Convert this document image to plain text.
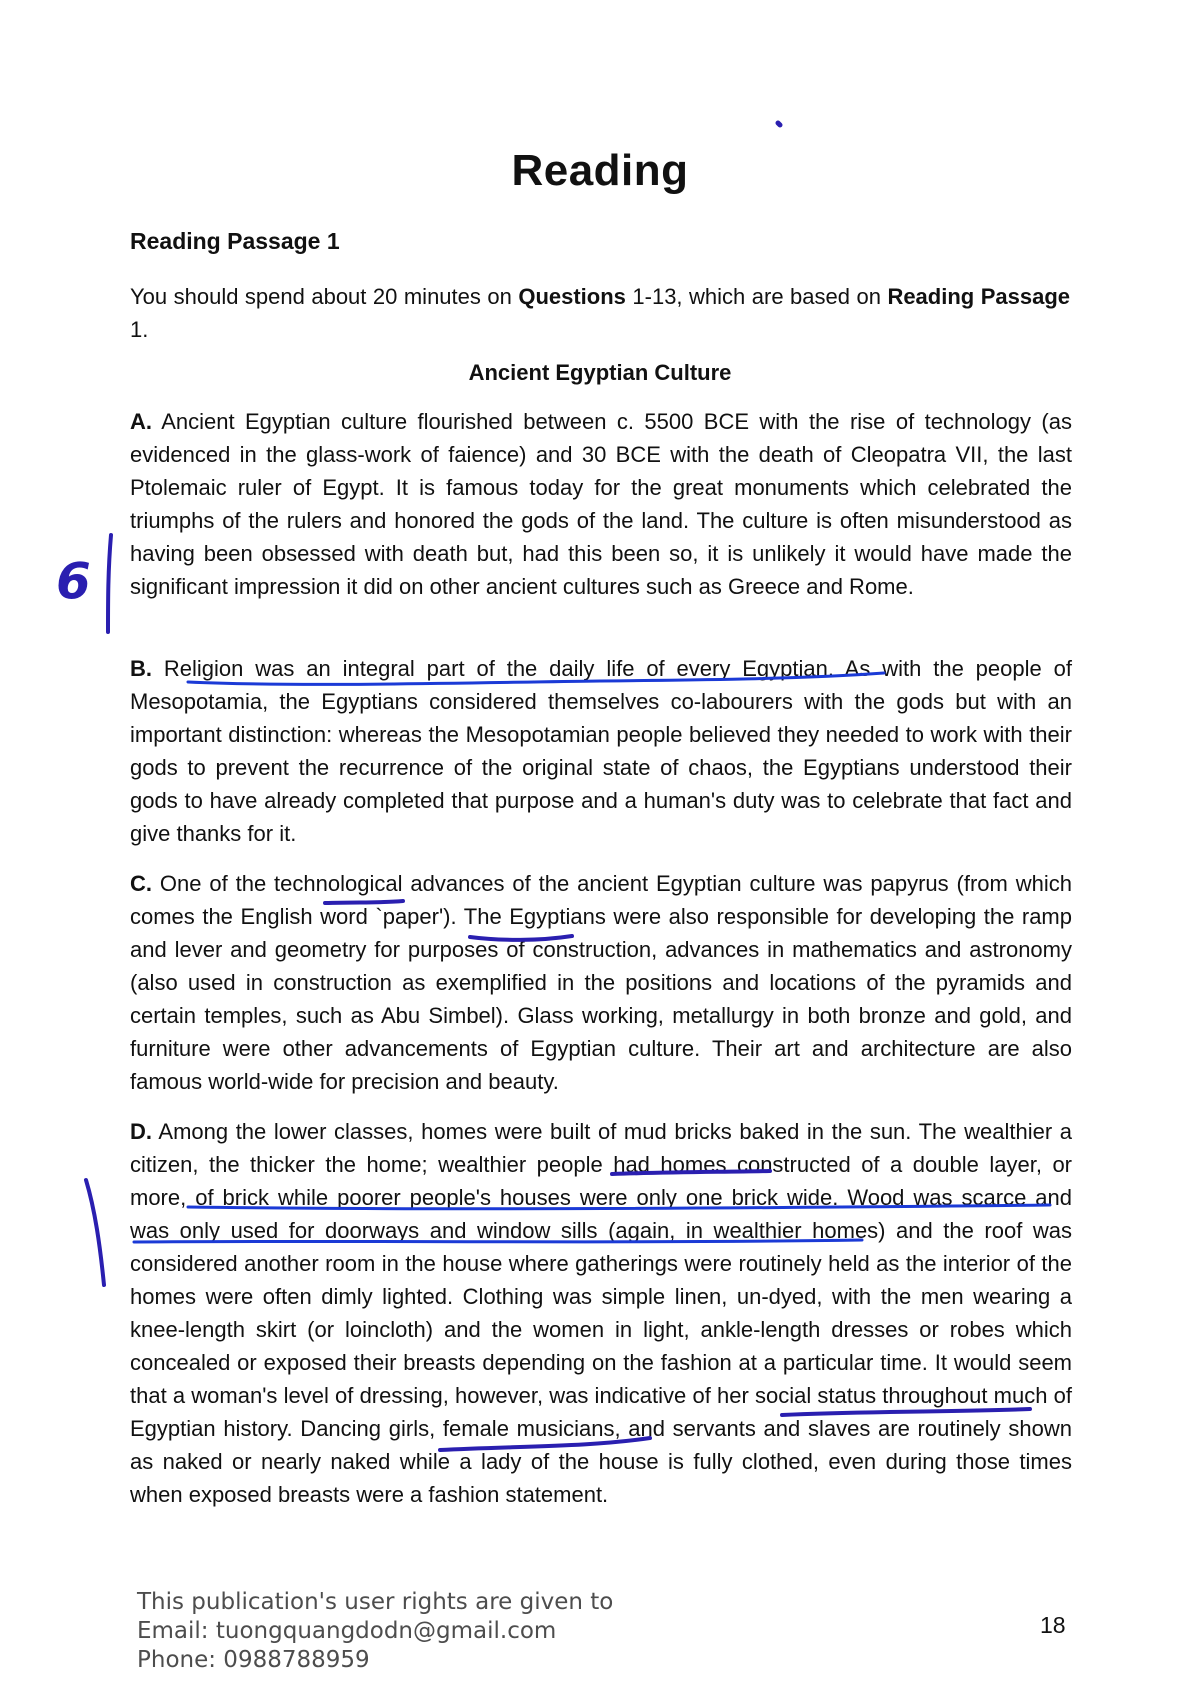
Reading
Reading Passage 1
You should spend about 20 minutes on Questions 1-13, which are based on Reading Passage 1.
Ancient Egyptian Culture

A. Ancient Egyptian culture flourished between c. 5500 BCE with the rise of technology (as evidenced in the glass-work of faience) and 30 BCE with the death of Cleopatra VII, the last Ptolemaic ruler of Egypt. It is famous today for the great monuments which celebrated the triumphs of the rulers and honored the gods of the land. The culture is often misunderstood as having been obsessed with death but, had this been so, it is unlikely it would have made the significant impression it did on other ancient cultures such as Greece and Rome.

B. Religion was an integral part of the daily life of every Egyptian. As with the people of Mesopotamia, the Egyptians considered themselves co-labourers with the gods but with an important distinction: whereas the Mesopotamian people believed they needed to work with their gods to prevent the recurrence of the original state of chaos, the Egyptians understood their gods to have already completed that purpose and a human's duty was to celebrate that fact and give thanks for it.

C. One of the technological advances of the ancient Egyptian culture was papyrus (from which comes the English word `paper'). The Egyptians were also responsible for developing the ramp and lever and geometry for purposes of construction, advances in mathematics and astronomy (also used in construction as exemplified in the positions and locations of the pyramids and certain temples, such as Abu Simbel). Glass working, metallurgy in both bronze and gold, and furniture were other advancements of Egyptian culture. Their art and architecture are also famous world-wide for precision and beauty.

D. Among the lower classes, homes were built of mud bricks baked in the sun. The wealthier a citizen, the thicker the home; wealthier people had homes constructed of a double layer, or more, of brick while poorer people's houses were only one brick wide. Wood was scarce and was only used for doorways and window sills (again, in wealthier homes) and the roof was considered another room in the house where gatherings were routinely held as the interior of the homes were often dimly lighted. Clothing was simple linen, un-dyed, with the men wearing a knee-length skirt (or loincloth) and the women in light, ankle-length dresses or robes which concealed or exposed their breasts depending on the fashion at a particular time. It would seem that a woman's level of dressing, however, was indicative of her social status throughout much of Egyptian history. Dancing girls, female musicians, and servants and slaves are routinely shown as naked or nearly naked while a lady of the house is fully clothed, even during those times when exposed breasts were a fashion statement.

This publication's user rights are given to
Email: tuongquangdodn@gmail.com
Phone: 0988788959
18
6
